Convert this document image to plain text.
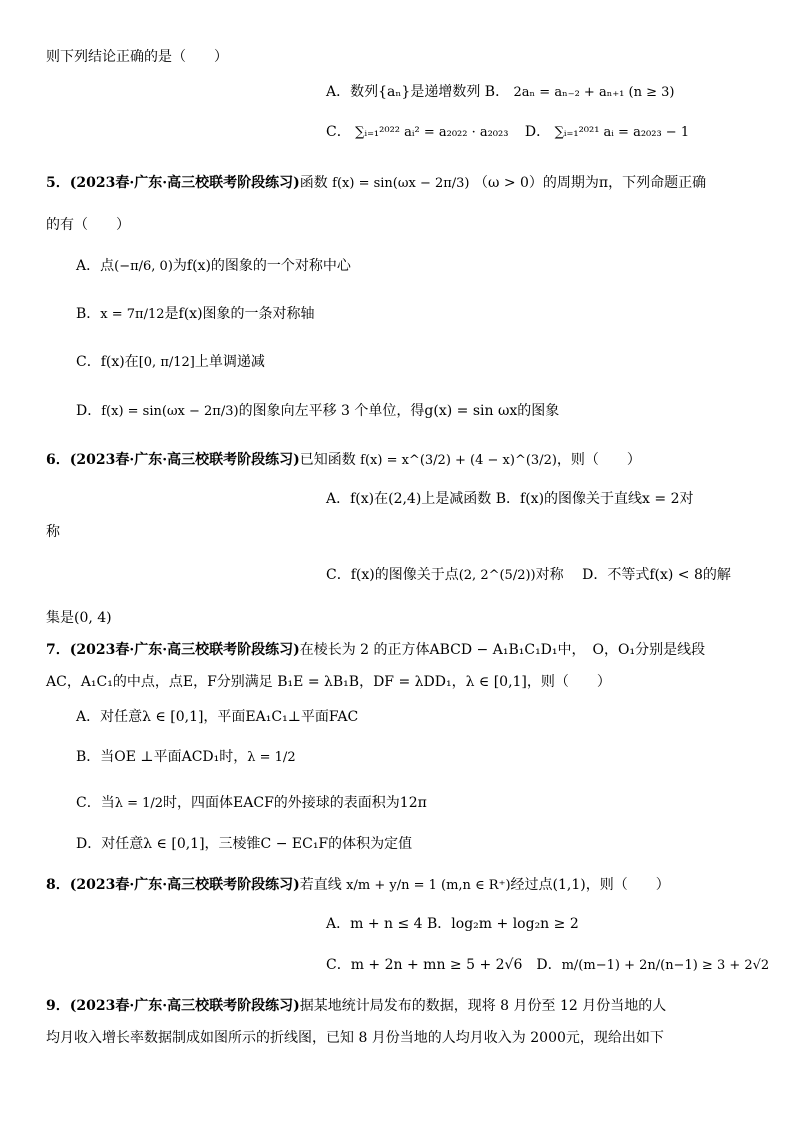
则下列结论正确的是（　　）
A．数列{aₙ}是递增数列 B． 2aₙ = aₙ₋₂ + aₙ₊₁ (n ≥ 3)
C． ∑ᵢ₌₁²⁰²² aᵢ² = a₂₀₂₂ · a₂₀₂₃ D． ∑ᵢ₌₁²⁰²¹ aᵢ = a₂₀₂₃ − 1
5．(2023春·广东·高三校联考阶段练习)函数 f(x) = sin(ωx − 2π/3) （ω > 0）的周期为π，下列命题正确
的有（　　）
A．点(−π/6, 0)为f(x)的图象的一个对称中心
B．x = 7π/12是f(x)图象的一条对称轴
C．f(x)在[0, π/12]上单调递减
D．f(x) = sin(ωx − 2π/3)的图象向左平移 3 个单位，得g(x) = sin ωx的图象
6．(2023春·广东·高三校联考阶段练习)已知函数 f(x) = x^(3/2) + (4 − x)^(3/2)，则（　　）
A．f(x)在(2,4)上是减函数 B．f(x)的图像关于直线x = 2对
称
C．f(x)的图像关于点(2, 2^(5/2))对称　 D．不等式f(x) < 8的解
集是(0, 4)
7．(2023春·广东·高三校联考阶段练习)在棱长为 2 的正方体ABCD − A₁B₁C₁D₁中，　O，O₁分别是线段
AC，A₁C₁的中点，点E，F分别满足 B₁E = λB₁B，DF = λDD₁，λ ∈ [0,1]，则（　　）
A．对任意λ ∈ [0,1]，平面EA₁C₁⊥平面FAC
B．当OE ⊥平面ACD₁时，λ = 1/2
C．当λ = 1/2时，四面体EACF的外接球的表面积为12π
D．对任意λ ∈ [0,1]，三棱锥C − EC₁F的体积为定值
8．(2023春·广东·高三校联考阶段练习)若直线 x/m + y/n = 1 (m,n ∈ R⁺)经过点(1,1)，则（　　）
A．m + n ≤ 4 B．log₂m + log₂n ≥ 2
C．m + 2n + mn ≥ 5 + 2√6　D．m/(m−1) + 2n/(n−1) ≥ 3 + 2√2
9．(2023春·广东·高三校联考阶段练习)据某地统计局发布的数据，现将 8 月份至 12 月份当地的人
均月收入增长率数据制成如图所示的折线图，已知 8 月份当地的人均月收入为 2000元，现给出如下
